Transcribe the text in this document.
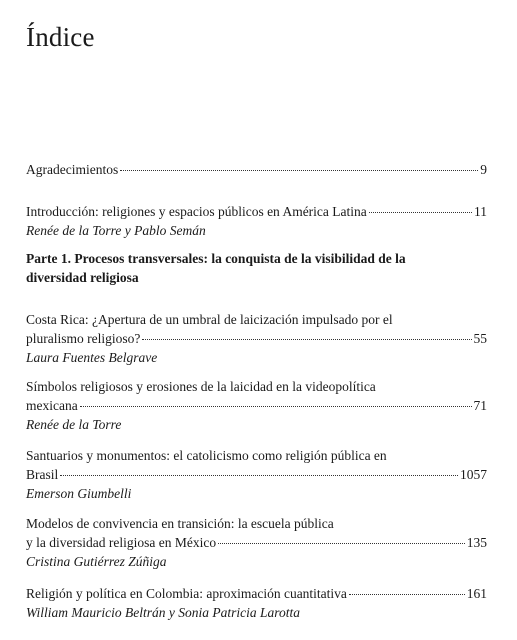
Índice
Agradecimientos	9
Introducción: religiones y espacios públicos en América Latina	11
Renée de la Torre y Pablo Semán
Parte 1. Procesos transversales: la conquista de la visibilidad de la
diversidad religiosa
Costa Rica: ¿Apertura de un umbral de laicización impulsado por el
pluralismo religioso?	55
Laura Fuentes Belgrave
Símbolos religiosos y erosiones de la laicidad en la videopolítica
mexicana	71
Renée de la Torre
Santuarios y monumentos: el catolicismo como religión pública en
Brasil	1057
Emerson Giumbelli
Modelos de convivencia en transición: la escuela pública
y la diversidad religiosa en México	135
Cristina Gutiérrez Zúñiga
Religión y política en Colombia: aproximación cuantitativa	161
William Mauricio Beltrán y Sonia Patricia Larotta
